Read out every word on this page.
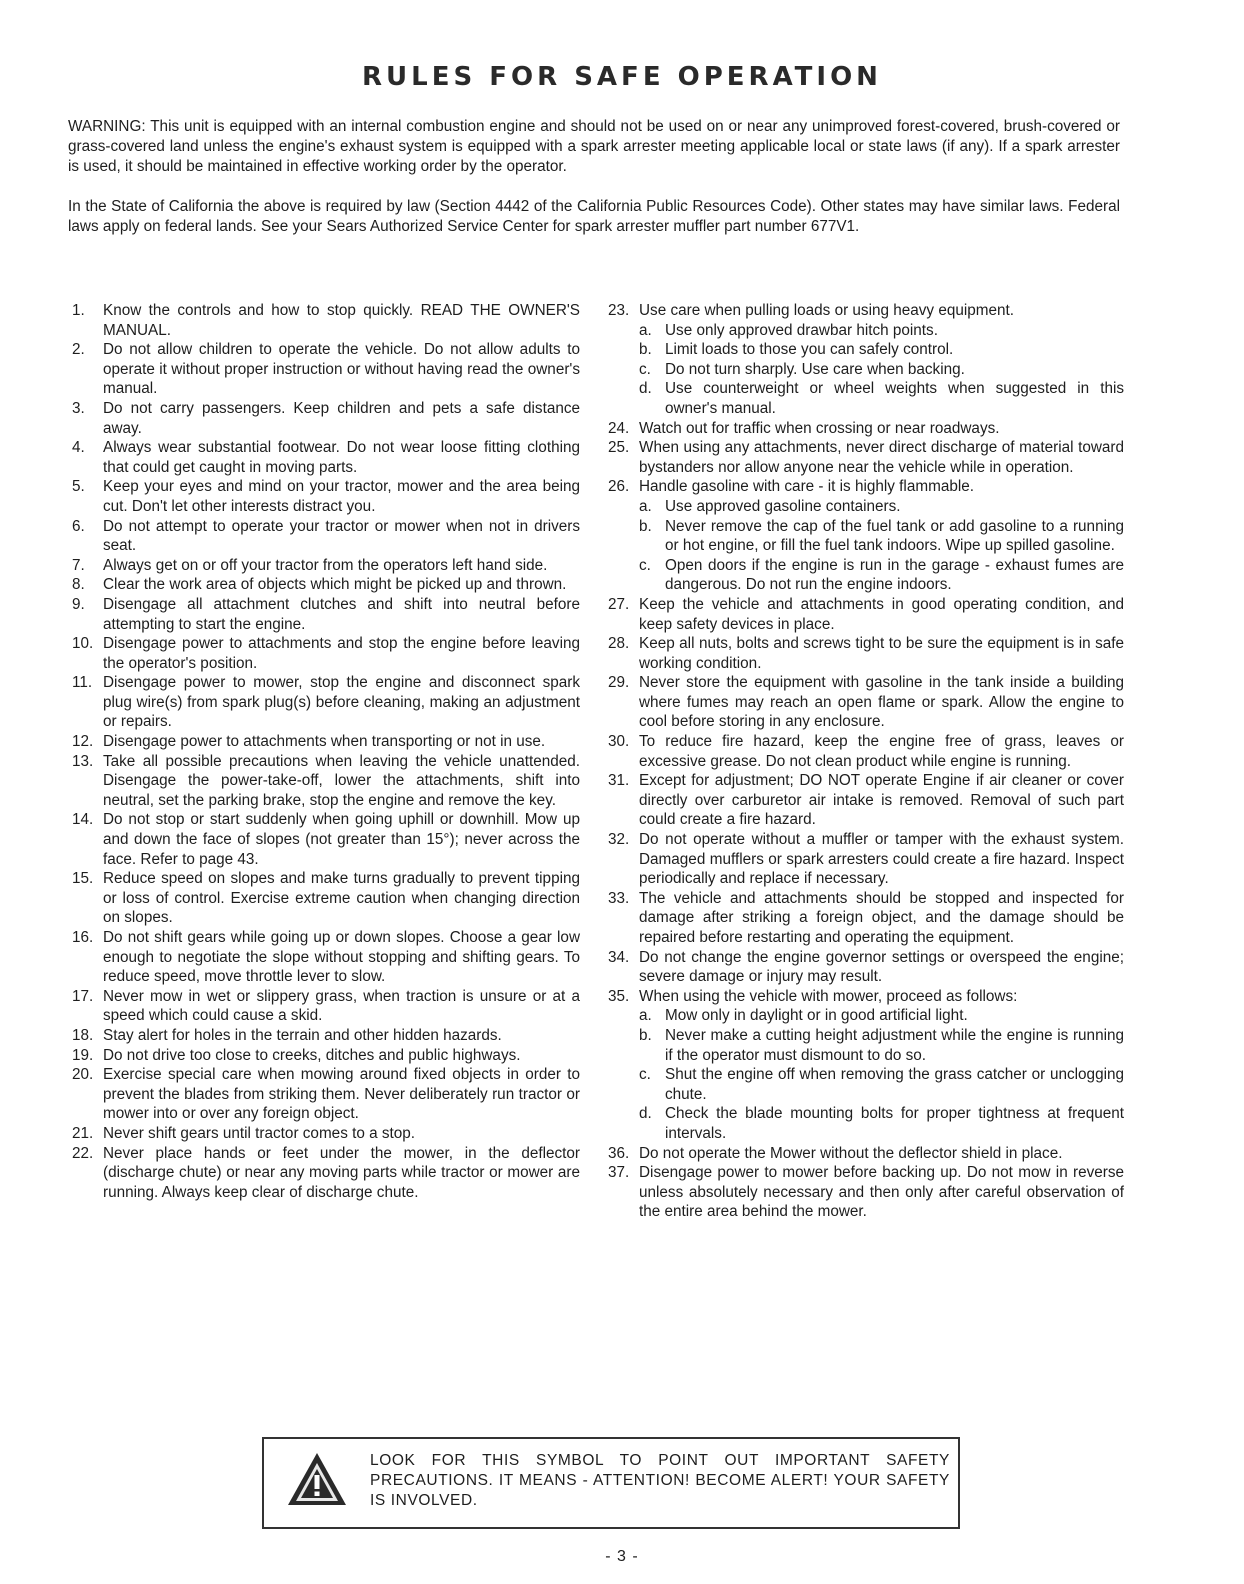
RULES FOR SAFE OPERATION

WARNING: This unit is equipped with an internal combustion engine and should not be used on or near any unimproved forest-covered, brush-covered or grass-covered land unless the engine's exhaust system is equipped with a spark arrester meeting applicable local or state laws (if any). If a spark arrester is used, it should be maintained in effective working order by the operator.

In the State of California the above is required by law (Section 4442 of the California Public Resources Code). Other states may have similar laws. Federal laws apply on federal lands. See your Sears Authorized Service Center for spark arrester muffler part number 677V1.

1. Know the controls and how to stop quickly. READ THE OWNER'S MANUAL.
2. Do not allow children to operate the vehicle. Do not allow adults to operate it without proper instruction or without having read the owner's manual.
3. Do not carry passengers. Keep children and pets a safe distance away.
4. Always wear substantial footwear. Do not wear loose fitting clothing that could get caught in moving parts.
5. Keep your eyes and mind on your tractor, mower and the area being cut. Don't let other interests distract you.
6. Do not attempt to operate your tractor or mower when not in drivers seat.
7. Always get on or off your tractor from the operators left hand side.
8. Clear the work area of objects which might be picked up and thrown.
9. Disengage all attachment clutches and shift into neutral before attempting to start the engine.
10. Disengage power to attachments and stop the engine before leaving the operator's position.
11. Disengage power to mower, stop the engine and disconnect spark plug wire(s) from spark plug(s) before cleaning, making an adjustment or repairs.
12. Disengage power to attachments when transporting or not in use.
13. Take all possible precautions when leaving the vehicle unattended. Disengage the power-take-off, lower the attachments, shift into neutral, set the parking brake, stop the engine and remove the key.
14. Do not stop or start suddenly when going uphill or downhill. Mow up and down the face of slopes (not greater than 15°); never across the face. Refer to page 43.
15. Reduce speed on slopes and make turns gradually to prevent tipping or loss of control. Exercise extreme caution when changing direction on slopes.
16. Do not shift gears while going up or down slopes. Choose a gear low enough to negotiate the slope without stopping and shifting gears. To reduce speed, move throttle lever to slow.
17. Never mow in wet or slippery grass, when traction is unsure or at a speed which could cause a skid.
18. Stay alert for holes in the terrain and other hidden hazards.
19. Do not drive too close to creeks, ditches and public highways.
20. Exercise special care when mowing around fixed objects in order to prevent the blades from striking them. Never deliberately run tractor or mower into or over any foreign object.
21. Never shift gears until tractor comes to a stop.
22. Never place hands or feet under the mower, in the deflector (discharge chute) or near any moving parts while tractor or mower are running. Always keep clear of discharge chute.
23. Use care when pulling loads or using heavy equipment.
a. Use only approved drawbar hitch points.
b. Limit loads to those you can safely control.
c. Do not turn sharply. Use care when backing.
d. Use counterweight or wheel weights when suggested in this owner's manual.
24. Watch out for traffic when crossing or near roadways.
25. When using any attachments, never direct discharge of material toward bystanders nor allow anyone near the vehicle while in operation.
26. Handle gasoline with care - it is highly flammable.
a. Use approved gasoline containers.
b. Never remove the cap of the fuel tank or add gasoline to a running or hot engine, or fill the fuel tank indoors. Wipe up spilled gasoline.
c. Open doors if the engine is run in the garage - exhaust fumes are dangerous. Do not run the engine indoors.
27. Keep the vehicle and attachments in good operating condition, and keep safety devices in place.
28. Keep all nuts, bolts and screws tight to be sure the equipment is in safe working condition.
29. Never store the equipment with gasoline in the tank inside a building where fumes may reach an open flame or spark. Allow the engine to cool before storing in any enclosure.
30. To reduce fire hazard, keep the engine free of grass, leaves or excessive grease. Do not clean product while engine is running.
31. Except for adjustment; DO NOT operate Engine if air cleaner or cover directly over carburetor air intake is removed. Removal of such part could create a fire hazard.
32. Do not operate without a muffler or tamper with the exhaust system. Damaged mufflers or spark arresters could create a fire hazard. Inspect periodically and replace if necessary.
33. The vehicle and attachments should be stopped and inspected for damage after striking a foreign object, and the damage should be repaired before restarting and operating the equipment.
34. Do not change the engine governor settings or overspeed the engine; severe damage or injury may result.
35. When using the vehicle with mower, proceed as follows:
a. Mow only in daylight or in good artificial light.
b. Never make a cutting height adjustment while the engine is running if the operator must dismount to do so.
c. Shut the engine off when removing the grass catcher or unclogging chute.
d. Check the blade mounting bolts for proper tightness at frequent intervals.
36. Do not operate the Mower without the deflector shield in place.
37. Disengage power to mower before backing up. Do not mow in reverse unless absolutely necessary and then only after careful observation of the entire area behind the mower.
LOOK FOR THIS SYMBOL TO POINT OUT IMPORTANT SAFETY PRECAUTIONS. IT MEANS - ATTENTION! BECOME ALERT! YOUR SAFETY IS INVOLVED.
- 3 -
